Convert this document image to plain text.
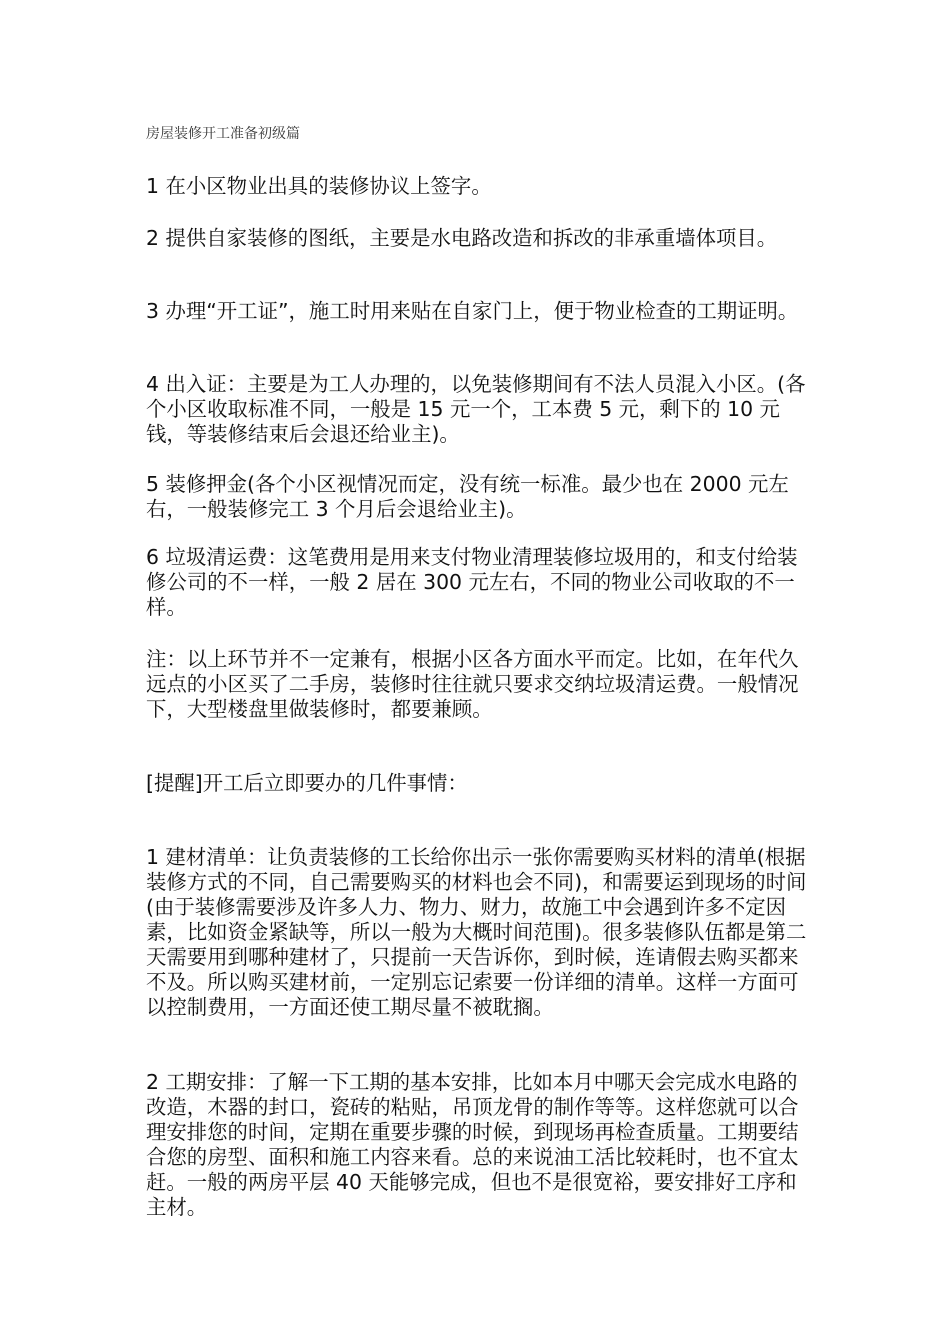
房屋装修开工准备初级篇

1 在小区物业出具的装修协议上签字。

2 提供自家装修的图纸，主要是水电路改造和拆改的非承重墙体项目。

3 办理“开工证”，施工时用来贴在自家门上，便于物业检查的工期证明。

4 出入证：主要是为工人办理的，以免装修期间有不法人员混入小区。(各个小区收取标准不同，一般是 15 元一个，工本费 5 元，剩下的 10 元钱，等装修结束后会退还给业主)。

5 装修押金(各个小区视情况而定，没有统一标准。最少也在 2000 元左右，一般装修完工 3 个月后会退给业主)。

6 垃圾清运费：这笔费用是用来支付物业清理装修垃圾用的，和支付给装修公司的不一样，一般 2 居在 300 元左右，不同的物业公司收取的不一样。

注：以上环节并不一定兼有，根据小区各方面水平而定。比如，在年代久远点的小区买了二手房，装修时往往就只要求交纳垃圾清运费。一般情况下，大型楼盘里做装修时，都要兼顾。

[提醒]开工后立即要办的几件事情：

1 建材清单：让负责装修的工长给你出示一张你需要购买材料的清单(根据装修方式的不同，自己需要购买的材料也会不同)，和需要运到现场的时间(由于装修需要涉及许多人力、物力、财力，故施工中会遇到许多不定因素，比如资金紧缺等，所以一般为大概时间范围)。很多装修队伍都是第二天需要用到哪种建材了，只提前一天告诉你，到时候，连请假去购买都来不及。所以购买建材前，一定别忘记索要一份详细的清单。这样一方面可以控制费用，一方面还使工期尽量不被耽搁。

2 工期安排：了解一下工期的基本安排，比如本月中哪天会完成水电路的改造，木器的封口，瓷砖的粘贴，吊顶龙骨的制作等等。这样您就可以合理安排您的时间，定期在重要步骤的时候，到现场再检查质量。工期要结合您的房型、面积和施工内容来看。总的来说油工活比较耗时，也不宜太赶。一般的两房平层 40 天能够完成，但也不是很宽裕，要安排好工序和主材。
